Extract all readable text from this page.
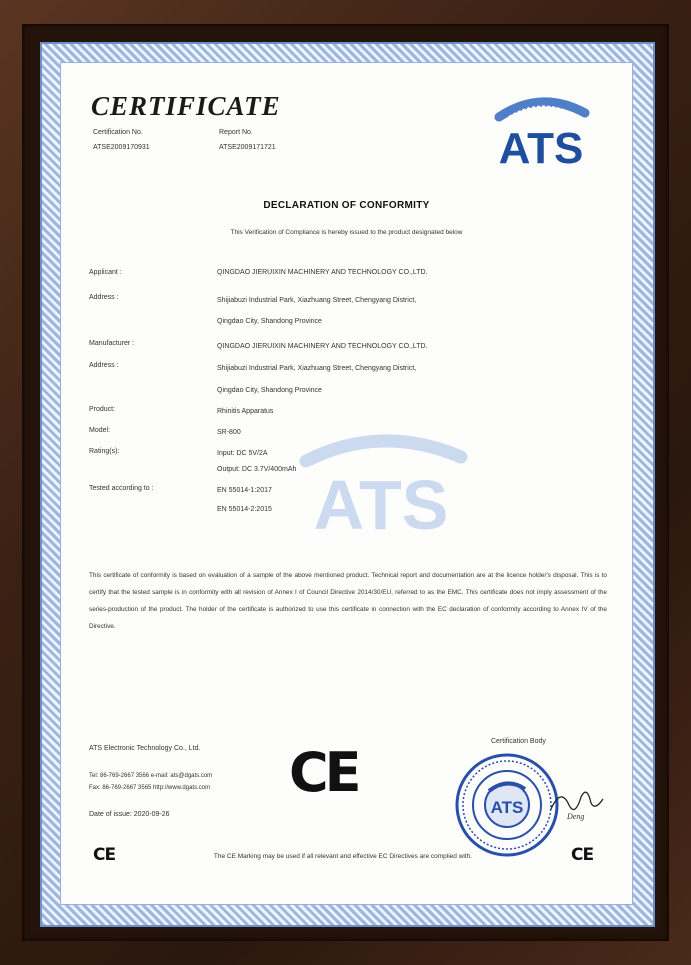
CERTIFICATE
Certification No.
ATSE2009170931
Report No.
ATSE2009171721	ATS
DECLARATION OF CONFORMITY
This Verification of Compliance is hereby issued to the product designated below
Applicant :	QINGDAO JIERUIXIN MACHINERY AND TECHNOLOGY CO.,LTD.
Address :	Shijiabuzi Industrial Park, Xiazhuang Street, Chengyang District,
Qingdao City, Shandong Province
Manufacturer :	QINGDAO JIERUIXIN MACHINERY AND TECHNOLOGY CO.,LTD.
Address :	Shijiabuzi Industrial Park, Xiazhuang Street, Chengyang District,
Qingdao City, Shandong Province
Product:	Rhinitis Apparatus
Model:	SR-800
Rating(s):	Input: DC 5V/2A
Output: DC 3.7V/400mAh
Tested according to :	EN 55014-1:2017
EN 55014-2:2015 ATS
This certificate of conformity is based on evaluation of a sample of the above mentioned product. Technical report and documentation are at the licence holder's disposal. This is to certify that the tested sample is in conformity with all revision of Annex I of Council Directive 2014/30/EU, referred to as the EMC. This certificate does not imply assessment of the series-production of the product. The holder of the certificate is authorized to use this certificate in connection with the EC declaration of conformity according to Annex IV of the Directive.
ATS Electronic Technology Co., Ltd.
Tel: 86-769-2667 3566 e-mail: ats@dgats.com
Fax: 86-769-2667 3565 http://www.dgats.com
Date of issue: 2020-09-26
CE	Certification Body
ATS	Deng
CE	The CE Marking may be used if all relevant and effective EC Directives are complied with.	CE
